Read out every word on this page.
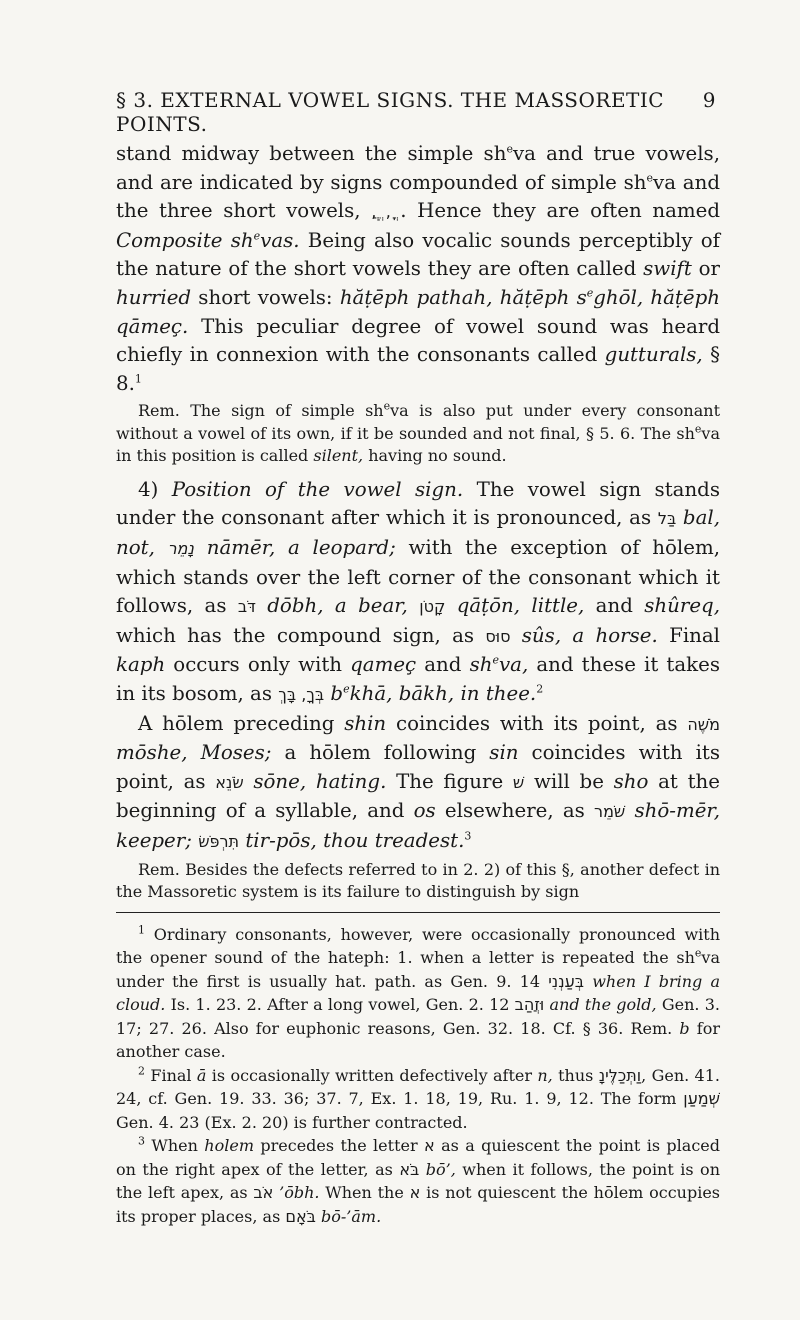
§ 3. EXTERNAL VOWEL SIGNS. THE MASSORETIC POINTS.
9

stand midway between the simple $sh^eva$ and true vowels, and are indicated by signs compounded of simple $sh^eva$ and the three short vowels, ֲ, ֱ, ֳ. Hence they are often named Composite $sh^evas$. Being also vocalic sounds perceptibly of the nature of the short vowels they are often called swift or hurried short vowels: hăṭēph pathah, hăṭēph $s^eghōl$, hăṭēph qāmeç. This peculiar degree of vowel sound was heard chiefly in connexion with the consonants called gutturals, § 8.$^1$

Rem. The sign of simple $sh^eva$ is also put under every consonant without a vowel of its own, if it be sounded and not final, § 5. 6. The $sh^eva$ in this position is called silent, having no sound.

4) Position of the vowel sign. The vowel sign stands under the consonant after which it is pronounced, as בַּל bal, not, נָמֵר nāmēr, a leopard; with the exception of hōlem, which stands over the left corner of the consonant which it follows, as דֹּב dōbh, a bear, קָטֹן qāṭōn, little, and shûreq, which has the compound sign, as סוּס sûs, a horse. Final kaph occurs only with qameç and $sh^eva$, and these it takes in its bosom, as בְּךָ, בָּךְ $b^ekhā$, bākh, in thee.$^2$

A hōlem preceding shin coincides with its point, as מֹשֶׁה mōshe, Moses; a hōlem following sin coincides with its point, as שֹׂנֵא sōne, hating. The figure שׁ will be sho at the beginning of a syllable, and os elsewhere, as שֹׁמֵר shō-mēr, keeper; תִּרְפֹּשׂ tir-pōs, thou treadest.$^3$

Rem. Besides the defects referred to in 2. 2) of this §, another defect in the Massoretic system is its failure to distinguish by sign

$^1$ Ordinary consonants, however, were occasionally pronounced with the opener sound of the hateph: 1. when a letter is repeated the $sh^eva$ under the first is usually hat. path. as Gen. 9. 14 בְּעַנְנִי when I bring a cloud. Is. 1. 23. 2. After a long vowel, Gen. 2. 12 וּזֲהַב and the gold, Gen. 3. 17; 27. 26. Also for euphonic reasons, Gen. 32. 18. Cf. § 36. Rem. b for another case.

$^2$ Final ā is occasionally written defectively after n, thus וַתְּכַלֶּינָ, Gen. 41. 24, cf. Gen. 19. 33. 36; 37. 7, Ex. 1. 18, 19, Ru. 1. 9, 12. The form שְׁמַעַן Gen. 4. 23 (Ex. 2. 20) is further contracted.

$^3$ When holem precedes the letter א as a quiescent the point is placed on the right apex of the letter, as בֹּא bō’, when it follows, the point is on the left apex, as אֹב ’ōbh. When the א is not quiescent the hōlem occupies its proper places, as בֹּאָם bō-’ām.
